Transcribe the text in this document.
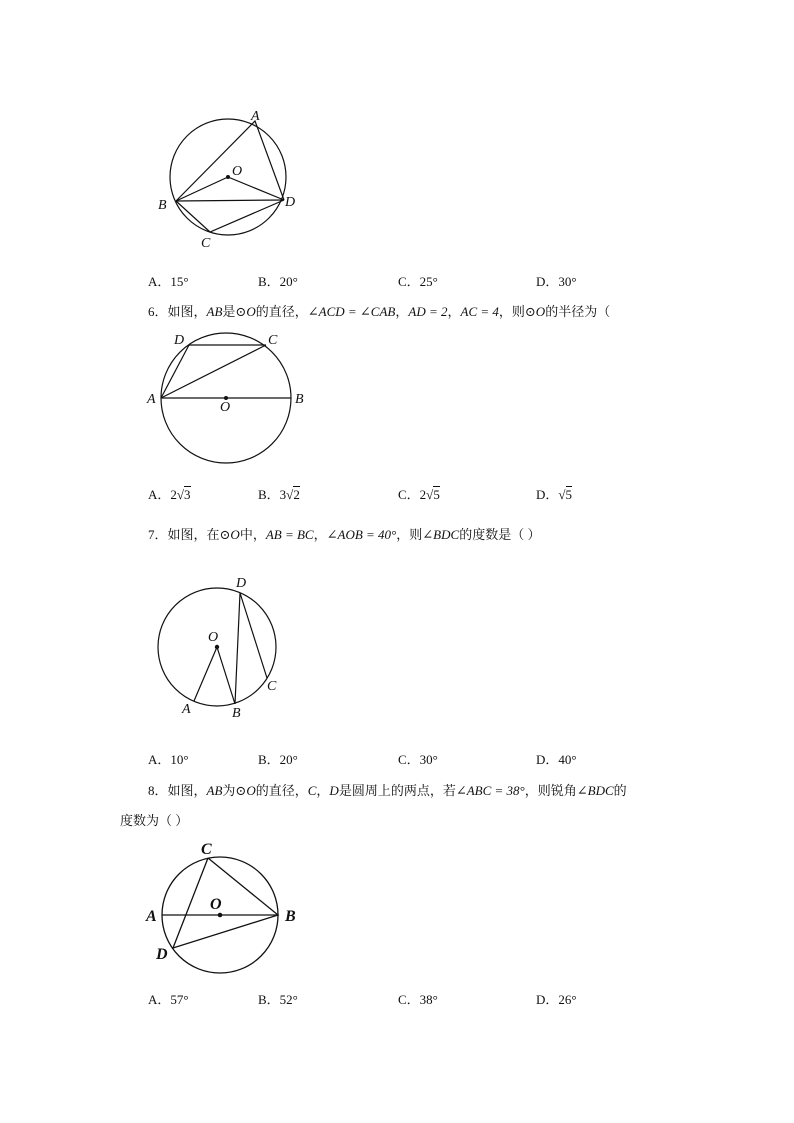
A
O
B	D
C
A．15°	B．20°	C．25°	D．30°
6．如图，AB是⊙O的直径，∠ACD = ∠CAB，AD = 2，AC = 4，则⊙O的半径为（
D	C
A
O
B
A．2√3	B．3√2	C．2√5	D．√5
7．如图，在⊙O中，AB = BC，∠AOB = 40°，则∠BDC的度数是（ ）
D
O
C
A	B
A．10°	B．20°	C．30°	D．40°
8．如图，AB为⊙O的直径，C，D是圆周上的两点，若∠ABC = 38°，则锐角∠BDC的
度数为（ ）
C
A
O
B
D
A．57°	B．52°	C．38°	D．26°
